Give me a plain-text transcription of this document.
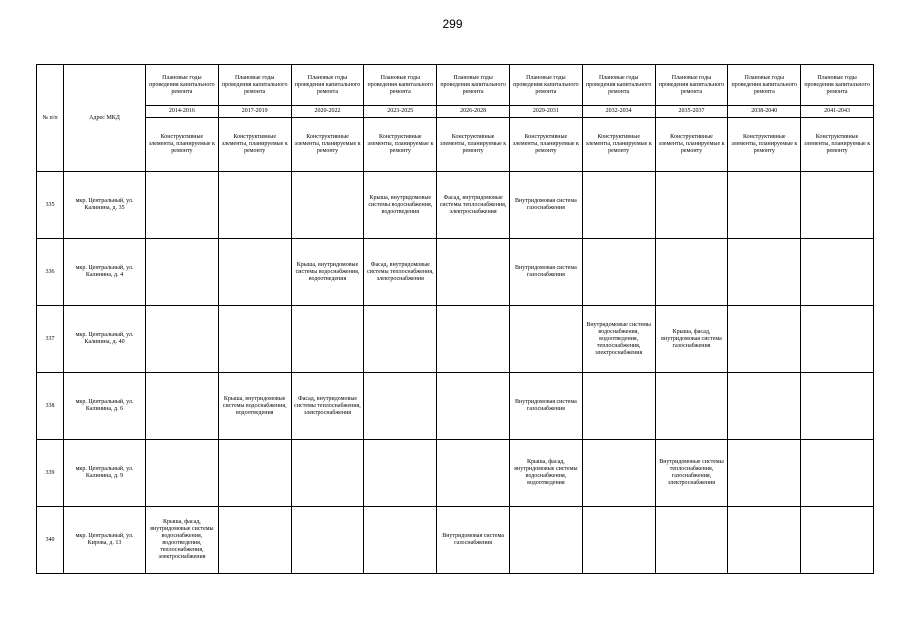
299
№ п/п	Адрес МКД	Плановые годы проведения капитального ремонта	Плановые годы проведения капитального ремонта	Плановые годы проведения капитального ремонта	Плановые годы проведения капитального ремонта	Плановые годы проведения капитального ремонта	Плановые годы проведения капитального ремонта	Плановые годы проведения капитального ремонта	Плановые годы проведения капитального ремонта	Плановые годы проведения капитального ремонта	Плановые годы проведения капитального ремонта
		2014-2016	2017-2019	2020-2022	2023-2025	2026-2028	2029-2031	2032-2034	2035-2037	2038-2040	2041-2043
		Конструктивные элементы, планируемые к ремонту	Конструктивные элементы, планируемые к ремонту	Конструктивные элементы, планируемые к ремонту	Конструктивные элементы, планируемые к ремонту	Конструктивные элементы, планируемые к ремонту	Конструктивные элементы, планируемые к ремонту	Конструктивные элементы, планируемые к ремонту	Конструктивные элементы, планируемые к ремонту	Конструктивные элементы, планируемые к ремонту	Конструктивные элементы, планируемые к ремонту
335	мкр. Центральный, ул. Калинина, д. 35				Крыша, внутридомовые системы водоснабжения, водоотведения	Фасад, внутридомовые системы теплоснабжения, электроснабжения	Внутридомовая система газоснабжения				
336	мкр. Центральный, ул. Калинина, д. 4			Крыша, внутридомовые системы водоснабжения, водоотведения	Фасад, внутридомовые системы теплоснабжения, электроснабжения		Внутридомовая система газоснабжения				
337	мкр. Центральный, ул. Калинина, д. 40							Внутридомовые системы водоснабжения, водоотведения, теплоснабжения, электроснабжения	Крыша, фасад, внутридомовая система газоснабжения		
338	мкр. Центральный, ул. Калинина, д. 6		Крыша, внутридомовые системы водоснабжения, водоотведения	Фасад, внутридомовые системы теплоснабжения, электроснабжения			Внутридомовая система газоснабжения				
339	мкр. Центральный, ул. Калинина, д. 9						Крыша, фасад, внутридомовые системы водоснабжения, водоотведения		Внутридомовые системы теплоснабжения, газоснабжения, электроснабжения		
340	мкр. Центральный, ул. Кирова, д. 13	Крыша, фасад, внутридомовые системы водоснабжения, водоотведения, теплоснабжения, электроснабжения				Внутридомовая система газоснабжения					
